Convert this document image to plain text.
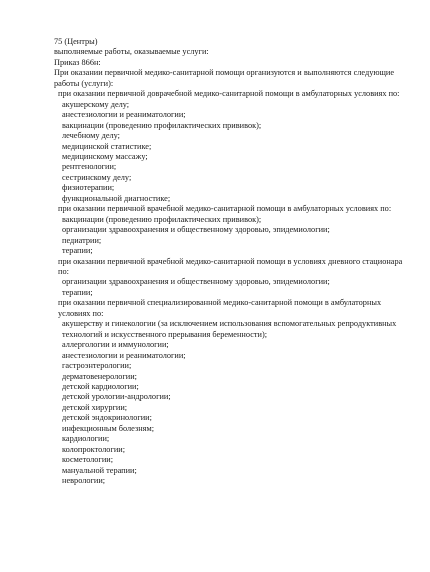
75 (Центры)
выполняемые работы, оказываемые услуги:
Приказ 866н:
При оказании первичной медико-санитарной помощи организуются и выполняются следующие работы (услуги):
при оказании первичной доврачебной медико-санитарной помощи в амбулаторных условиях по:
акушерскому делу;
анестезиологии и реаниматологии;
вакцинации (проведению профилактических прививок);
лечебному делу;
медицинской статистике;
медицинскому массажу;
рентгенологии;
сестринскому делу;
физиотерапии;
функциональной диагностике;
при оказании первичной врачебной медико-санитарной помощи в амбулаторных условиях по:
вакцинации (проведению профилактических прививок);
организации здравоохранения и общественному здоровью, эпидемиологии;
педиатрии;
терапии;
при оказании первичной врачебной медико-санитарной помощи в условиях дневного стационара по:
организации здравоохранения и общественному здоровью, эпидемиологии;
терапии;
при оказании первичной специализированной медико-санитарной помощи в амбулаторных условиях по:
акушерству и гинекологии (за исключением использования вспомогательных репродуктивных технологий и искусственного прерывания беременности);
аллергологии и иммунологии;
анестезиологии и реаниматологии;
гастроэнтерологии;
дерматовенерологии;
детской кардиологии;
детской урологии-андрологии;
детской хирургии;
детской эндокринологии;
инфекционным болезням;
кардиологии;
колопроктологии;
косметологии;
мануальной терапии;
неврологии;
